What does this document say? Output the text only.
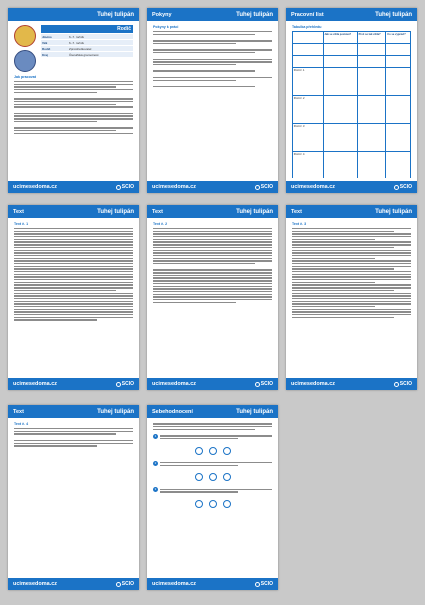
Tuhej tulipán
Rodič
Jméno	6.-7. ročník
Věk	6.-7. ročník
Rodič	Zprostředkovatel
Kraj	Čtenářská gramotnost
Jak pracovat
ucimesedoma.cz	SCIO
Pokyny	Tuhej tulipán
Pokyny k práci
ucimesedoma.cz	SCIO
Pracovní list	Tuhej tulipán
Tabulka přehledu
	Jak se cítila postava?	Proč se tak cítila?	Co se vypráví?

Pocit č. 1			
Pocit č. 2			
Pocit č. 3			
Pocit č. 4			
ucimesedoma.cz	SCIO
Text	Tuhej tulipán
Text č. 1
ucimesedoma.cz	SCIO
Text	Tuhej tulipán
Text č. 2
ucimesedoma.cz	SCIO
Text	Tuhej tulipán
Text č. 3
ucimesedoma.cz	SCIO
Text	Tuhej tulipán
Text č. 4
ucimesedoma.cz	SCIO
Sebehodnocení	Tuhej tulipán
1
2
3
ucimesedoma.cz	SCIO
